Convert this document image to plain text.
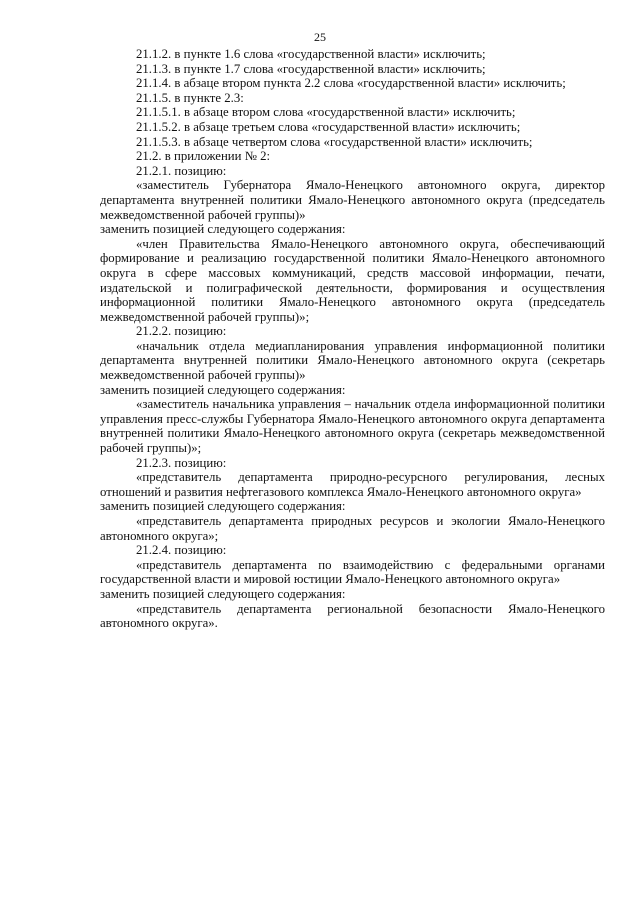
25

21.1.2. в пункте 1.6 слова «государственной власти» исключить;

21.1.3. в пункте 1.7 слова «государственной власти» исключить;

21.1.4. в абзаце втором пункта 2.2 слова «государственной власти» исключить;

21.1.5. в пункте 2.3:

21.1.5.1. в абзаце втором слова «государственной власти» исключить;

21.1.5.2. в абзаце третьем слова «государственной власти» исключить;

21.1.5.3. в абзаце четвертом слова «государственной власти» исключить;

21.2. в приложении № 2:

21.2.1. позицию:

«заместитель Губернатора Ямало-Ненецкого автономного округа, директор департамента внутренней политики Ямало-Ненецкого автономного округа (председатель межведомственной рабочей группы)»

заменить позицией следующего содержания:

«член Правительства Ямало-Ненецкого автономного округа, обеспечивающий формирование и реализацию государственной политики Ямало-Ненецкого автономного округа в сфере массовых коммуникаций, средств массовой информации, печати, издательской и полиграфической деятельности, формирования и осуществления информационной политики Ямало-Ненецкого автономного округа (председатель межведомственной рабочей группы)»;

21.2.2. позицию:

«начальник отдела медиапланирования управления информационной политики департамента внутренней политики Ямало-Ненецкого автономного округа (секретарь межведомственной рабочей группы)»

заменить позицией следующего содержания:

«заместитель начальника управления – начальник отдела информационной политики управления пресс-службы Губернатора Ямало-Ненецкого автономного округа департамента внутренней политики Ямало-Ненецкого автономного округа (секретарь межведомственной рабочей группы)»;

21.2.3. позицию:

«представитель департамента природно-ресурсного регулирования, лесных отношений и развития нефтегазового комплекса Ямало-Ненецкого автономного округа»

заменить позицией следующего содержания:

«представитель департамента природных ресурсов и экологии Ямало-Ненецкого автономного округа»;

21.2.4. позицию:

«представитель департамента по взаимодействию с федеральными органами государственной власти и мировой юстиции Ямало-Ненецкого автономного округа»

заменить позицией следующего содержания:

«представитель департамента региональной безопасности Ямало-Ненецкого автономного округа».
